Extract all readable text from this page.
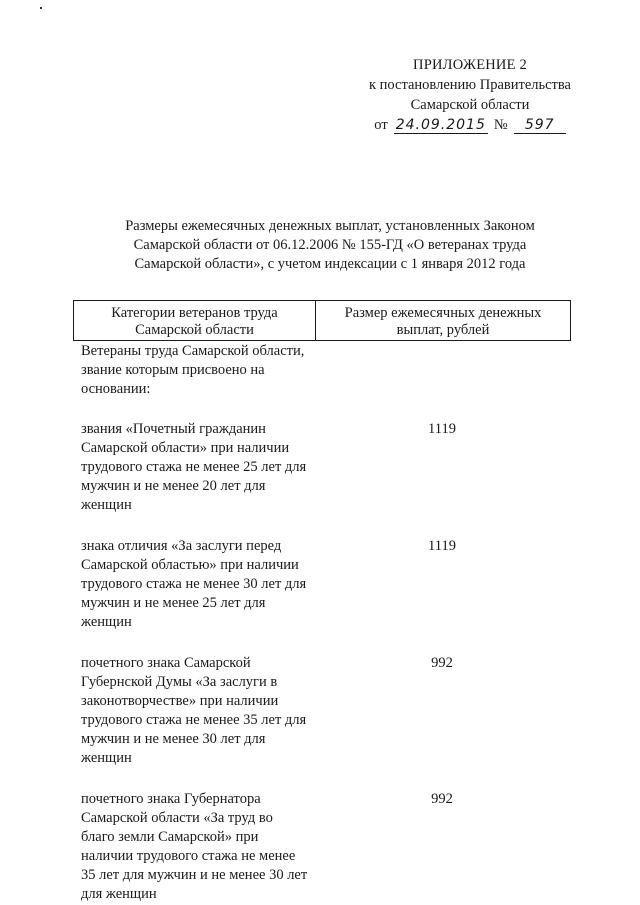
ПРИЛОЖЕНИЕ 2
к постановлению Правительства
Самарской области
от 24.09.2015 №	597
Размеры ежемесячных денежных выплат, установленных Законом
Самарской области от 06.12.2006 № 155-ГД «О ветеранах труда
Самарской области», с учетом индексации с 1 января 2012 года
Категории ветеранов труда Самарской области
Размер ежемесячных денежных выплат, рублей
Ветераны труда Самарской области, звание которым присвоено на основании:
звания «Почетный гражданин Самарской области» при наличии трудового стажа не менее 25 лет для мужчин и не менее 20 лет для женщин
1119
знака отличия «За заслуги перед Самарской областью» при наличии трудового стажа не менее 30 лет для мужчин и не менее 25 лет для женщин
1119
почетного знака Самарской Губернской Думы «За заслуги в законотворчестве» при наличии трудового стажа не менее 35 лет для мужчин и не менее 30 лет для женщин
992
почетного знака Губернатора Самарской области «За труд во благо земли Самарской» при наличии трудового стажа не менее 35 лет для мужчин и не менее 30 лет для женщин
992
